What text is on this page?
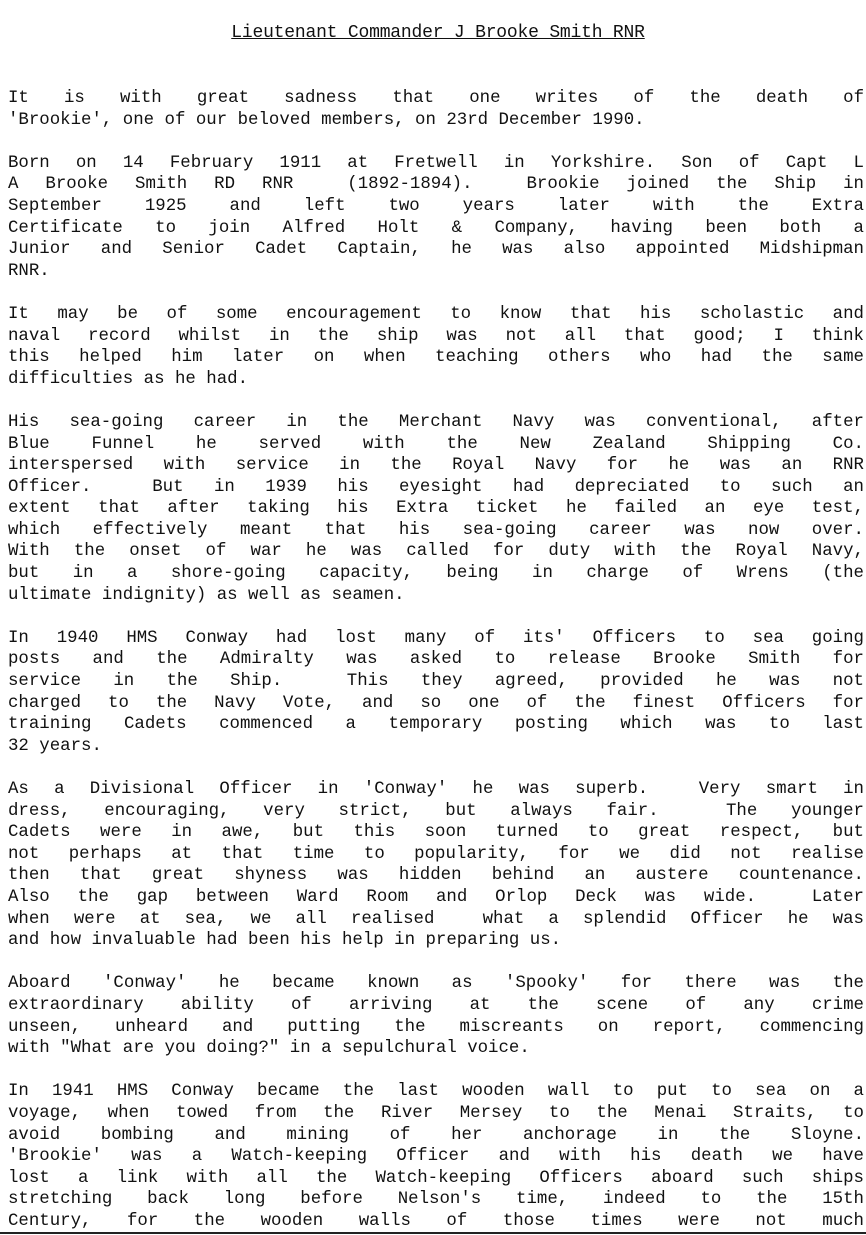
Lieutenant Commander J Brooke Smith RNR
It is with great sadness that one writes of the death of
'Brookie', one of our beloved members, on 23rd December 1990.
Born on 14 February 1911 at Fretwell in Yorkshire. Son of Capt L
A Brooke Smith RD RNR  (1892-1894).  Brookie joined the Ship in
September 1925 and left two years later with the Extra
Certificate to join Alfred Holt & Company, having been both a
Junior and Senior Cadet Captain, he was also appointed Midshipman
RNR.
It may be of some encouragement to know that his scholastic and
naval record whilst in the ship was not all that good; I think
this helped him later on when teaching others who had the same
difficulties as he had.
His sea-going career in the Merchant Navy was conventional, after
Blue Funnel he served with the New Zealand Shipping Co.
interspersed with service in the Royal Navy for he was an RNR
Officer.  But in 1939 his eyesight had depreciated to such an
extent that after taking his Extra ticket he failed an eye test,
which effectively meant that his sea-going career was now over.
With the onset of war he was called for duty with the Royal Navy,
but in a shore-going capacity, being in charge of Wrens (the
ultimate indignity) as well as seamen.
In 1940 HMS Conway had lost many of its' Officers to sea going
posts and the Admiralty was asked to release Brooke Smith for
service in the Ship.  This they agreed, provided he was not
charged to the Navy Vote, and so one of the finest Officers for
training Cadets commenced a temporary posting which was to last
32 years.
As a Divisional Officer in 'Conway' he was superb.  Very smart in
dress, encouraging, very strict, but always fair.  The younger
Cadets were in awe, but this soon turned to great respect, but
not perhaps at that time to popularity, for we did not realise
then that great shyness was hidden behind an austere countenance.
Also the gap between Ward Room and Orlop Deck was wide.  Later
when were at sea, we all realised  what a splendid Officer he was
and how invaluable had been his help in preparing us.
Aboard 'Conway' he became known as 'Spooky' for there was the
extraordinary ability of arriving at the scene of any crime
unseen, unheard and putting the miscreants on report, commencing
with "What are you doing?" in a sepulchural voice.
In 1941 HMS Conway became the last wooden wall to put to sea on a
voyage, when towed from the River Mersey to the Menai Straits, to
avoid bombing and mining of her anchorage in the Sloyne.
'Brookie' was a Watch-keeping Officer and with his death we have
lost a link with all the Watch-keeping Officers aboard such ships
stretching back long before Nelson's time, indeed to the 15th
Century, for the wooden walls of those times were not much
